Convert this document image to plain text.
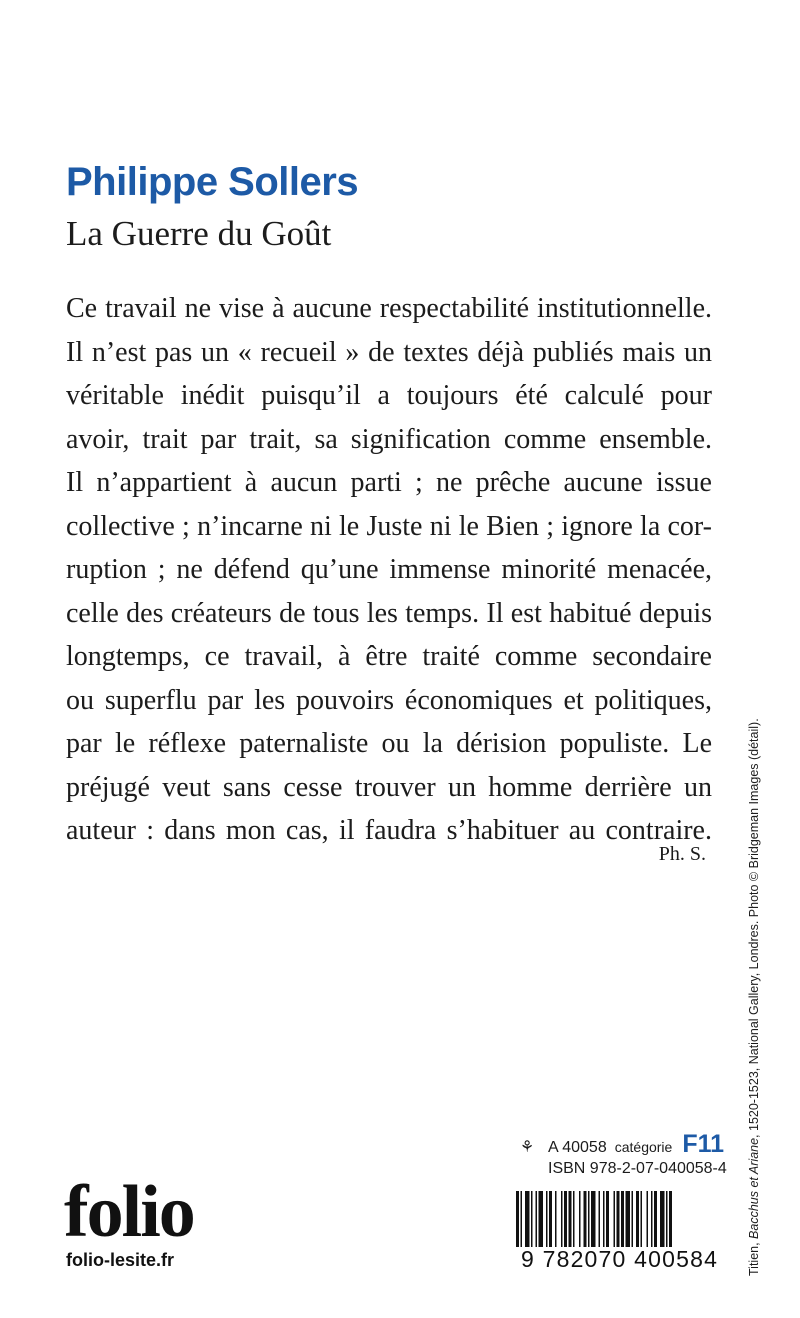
Philippe Sollers
La Guerre du Goût
Ce travail ne vise à aucune respectabilité institutionnelle.
Il n’est pas un « recueil » de textes déjà publiés mais un
véritable inédit puisqu’il a toujours été calculé pour
avoir, trait par trait, sa signification comme ensemble.
Il n’appartient à aucun parti ; ne prêche aucune issue
collective ; n’incarne ni le Juste ni le Bien ; ignore la cor-
ruption ; ne défend qu’une immense minorité menacée,
celle des créateurs de tous les temps. Il est habitué depuis
longtemps, ce travail, à être traité comme secondaire
ou superflu par les pouvoirs économiques et politiques,
par le réflexe paternaliste ou la dérision populiste. Le
préjugé veut sans cesse trouver un homme derrière un
auteur : dans mon cas, il faudra s’habituer au contraire.
Ph. S.
Titien, Bacchus et Ariane, 1520-1523, National Gallery, Londres. Photo © Bridgeman Images (détail).
folio
folio-lesite.fr
⚘ A 40058 catégorie F11
ISBN 978-2-07-040058-4
9 782070 400584
